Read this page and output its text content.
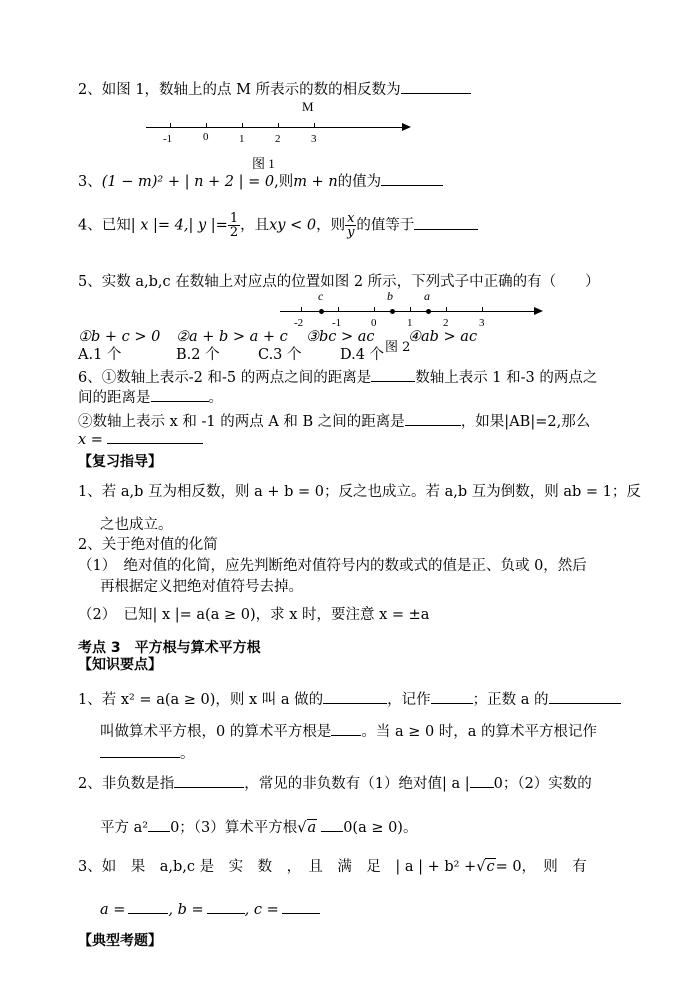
2、如图 1，数轴上的点 M 所表示的数的相反数为
M
-1	0	1	2	3
图 1
3、(1 − m)² + | n + 2 | = 0,则m + n的值为
4、已知| x |= 4,| y |= $\frac{1}{2}$ ，且xy < 0，则 $\frac{x}{y}$ 的值等于
5、实数 a,b,c 在数轴上对应点的位置如图 2 所示，下列式子中正确的有（　　）
c	b	a
-2	-1	0	1	2	3
①b + c > 0 ②a + b > a + c ③bc > ac
图 2
④ab > ac
A.1 个	B.2 个	C.3 个	D.4 个
6、①数轴上表示-2 和-5 的两点之间的距离是	数轴上表示 1 和-3 的两点之
间的距离是	。
②数轴上表示 x 和 -1 的两点 A 和 B 之间的距离是	，如果|AB|=2,那么
x =
【复习指导】
1、若 a,b 互为相反数，则 a + b = 0；反之也成立。若 a,b 互为倒数，则 ab = 1；反
之也成立。
2、关于绝对值的化简
（1）　绝对值的化简，应先判断绝对值符号内的数或式的值是正、负或 0，然后
再根据定义把绝对值符号去掉。
（2）　已知| x |= a(a ≥ 0)，求 x 时，要注意 x = ±a
考点 3　平方根与算术平方根
【知识要点】
1、若 x² = a(a ≥ 0)，则 x 叫 a 做的	，记作	；正数 a 的
叫做算术平方根，0 的算术平方根是 。当 a ≥ 0 时，a 的算术平方根记作
。
2、非负数是指	，常见的非负数有（1）绝对值| a | 0；（2）实数的
平方 a² 0；（3）算术平方根√a 0(a ≥ 0)。
3、如　果　a,b,c 是　实　数　，　且　满　足　| a | + b² +√c= 0，　则　有
a =	, b =	, c =
【典型考题】
